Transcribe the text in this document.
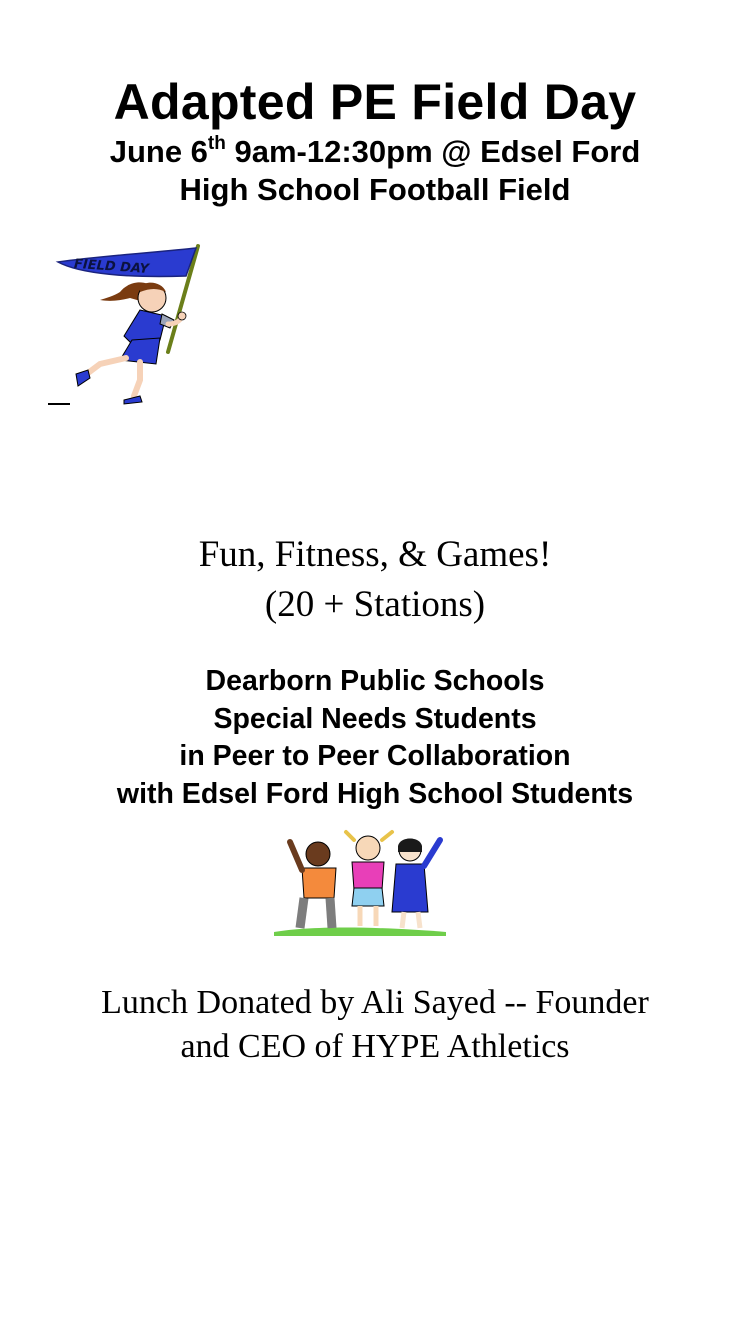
Adapted PE Field Day
June 6th 9am-12:30pm @ Edsel Ford
High School Football Field
FIELD DAY
Fun, Fitness, & Games!
(20 + Stations)
Dearborn Public Schools
Special Needs Students
in Peer to Peer Collaboration
with Edsel Ford High School Students
Lunch Donated by Ali Sayed -- Founder
and CEO of HYPE Athletics
